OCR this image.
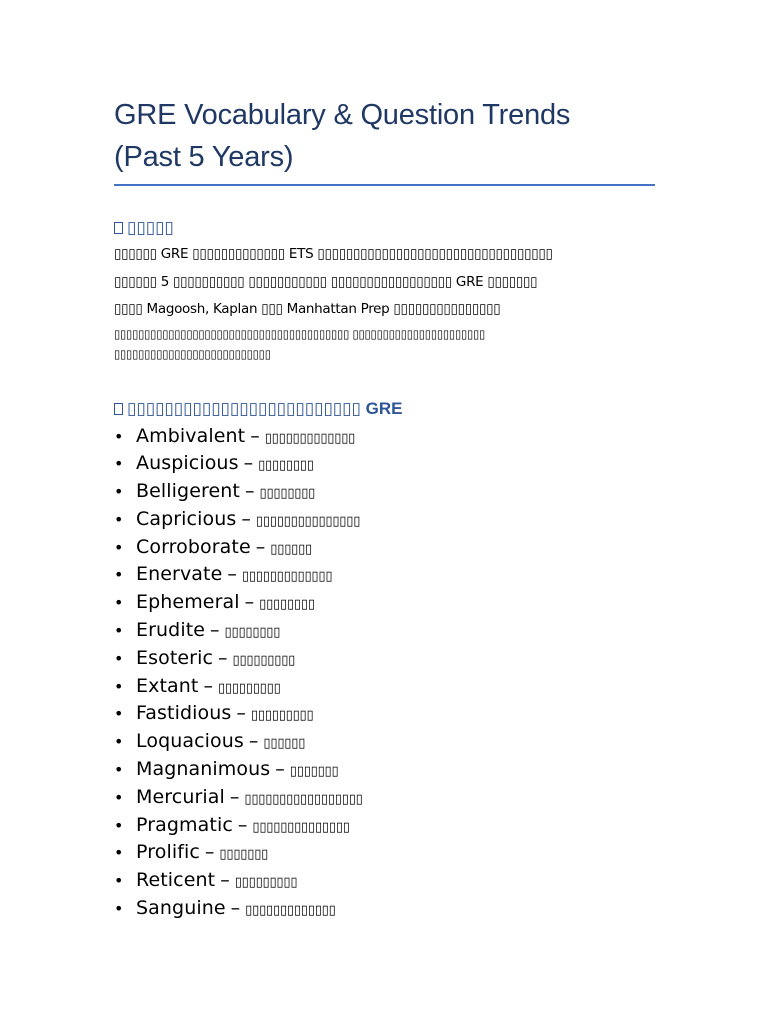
GRE Vocabulary & Question Trends
(Past 5 Years)
▯▯▯▯▯
▯▯▯▯▯▯ GRE ▯▯▯▯▯▯▯▯▯▯▯▯▯ ETS ▯▯▯▯▯▯▯▯▯▯▯▯▯▯▯▯▯▯▯▯▯▯▯▯▯▯▯▯▯▯▯▯▯
▯▯▯▯▯▯ 5 ▯▯▯▯▯▯▯▯▯▯ ▯▯▯▯▯▯▯▯▯▯▯ ▯▯▯▯▯▯▯▯▯▯▯▯▯▯▯▯▯ GRE ▯▯▯▯▯▯▯
▯▯▯▯ Magoosh, Kaplan ▯▯▯ Manhattan Prep ▯▯▯▯▯▯▯▯▯▯▯▯▯▯▯
▯▯▯▯▯▯▯▯▯▯▯▯▯▯▯▯▯▯▯▯▯▯▯▯▯▯▯▯▯▯▯▯▯▯▯▯▯▯▯ ▯▯▯▯▯▯▯▯▯▯▯▯▯▯▯▯▯▯▯▯▯▯
▯▯▯▯▯▯▯▯▯▯▯▯▯▯▯▯▯▯▯▯▯▯▯▯▯▯
▯▯▯▯▯▯▯▯▯▯▯▯▯▯▯▯▯▯▯▯▯▯▯▯▯ GRE
• Ambivalent – ▯▯▯▯▯▯▯▯▯▯▯▯▯
• Auspicious – ▯▯▯▯▯▯▯▯
• Belligerent – ▯▯▯▯▯▯▯▯
• Capricious – ▯▯▯▯▯▯▯▯▯▯▯▯▯▯▯
• Corroborate – ▯▯▯▯▯▯
• Enervate – ▯▯▯▯▯▯▯▯▯▯▯▯▯
• Ephemeral – ▯▯▯▯▯▯▯▯
• Erudite – ▯▯▯▯▯▯▯▯
• Esoteric – ▯▯▯▯▯▯▯▯▯
• Extant – ▯▯▯▯▯▯▯▯▯
• Fastidious – ▯▯▯▯▯▯▯▯▯
• Loquacious – ▯▯▯▯▯▯
• Magnanimous – ▯▯▯▯▯▯▯
• Mercurial – ▯▯▯▯▯▯▯▯▯▯▯▯▯▯▯▯▯
• Pragmatic – ▯▯▯▯▯▯▯▯▯▯▯▯▯▯
• Prolific – ▯▯▯▯▯▯▯
• Reticent – ▯▯▯▯▯▯▯▯▯
• Sanguine – ▯▯▯▯▯▯▯▯▯▯▯▯▯
